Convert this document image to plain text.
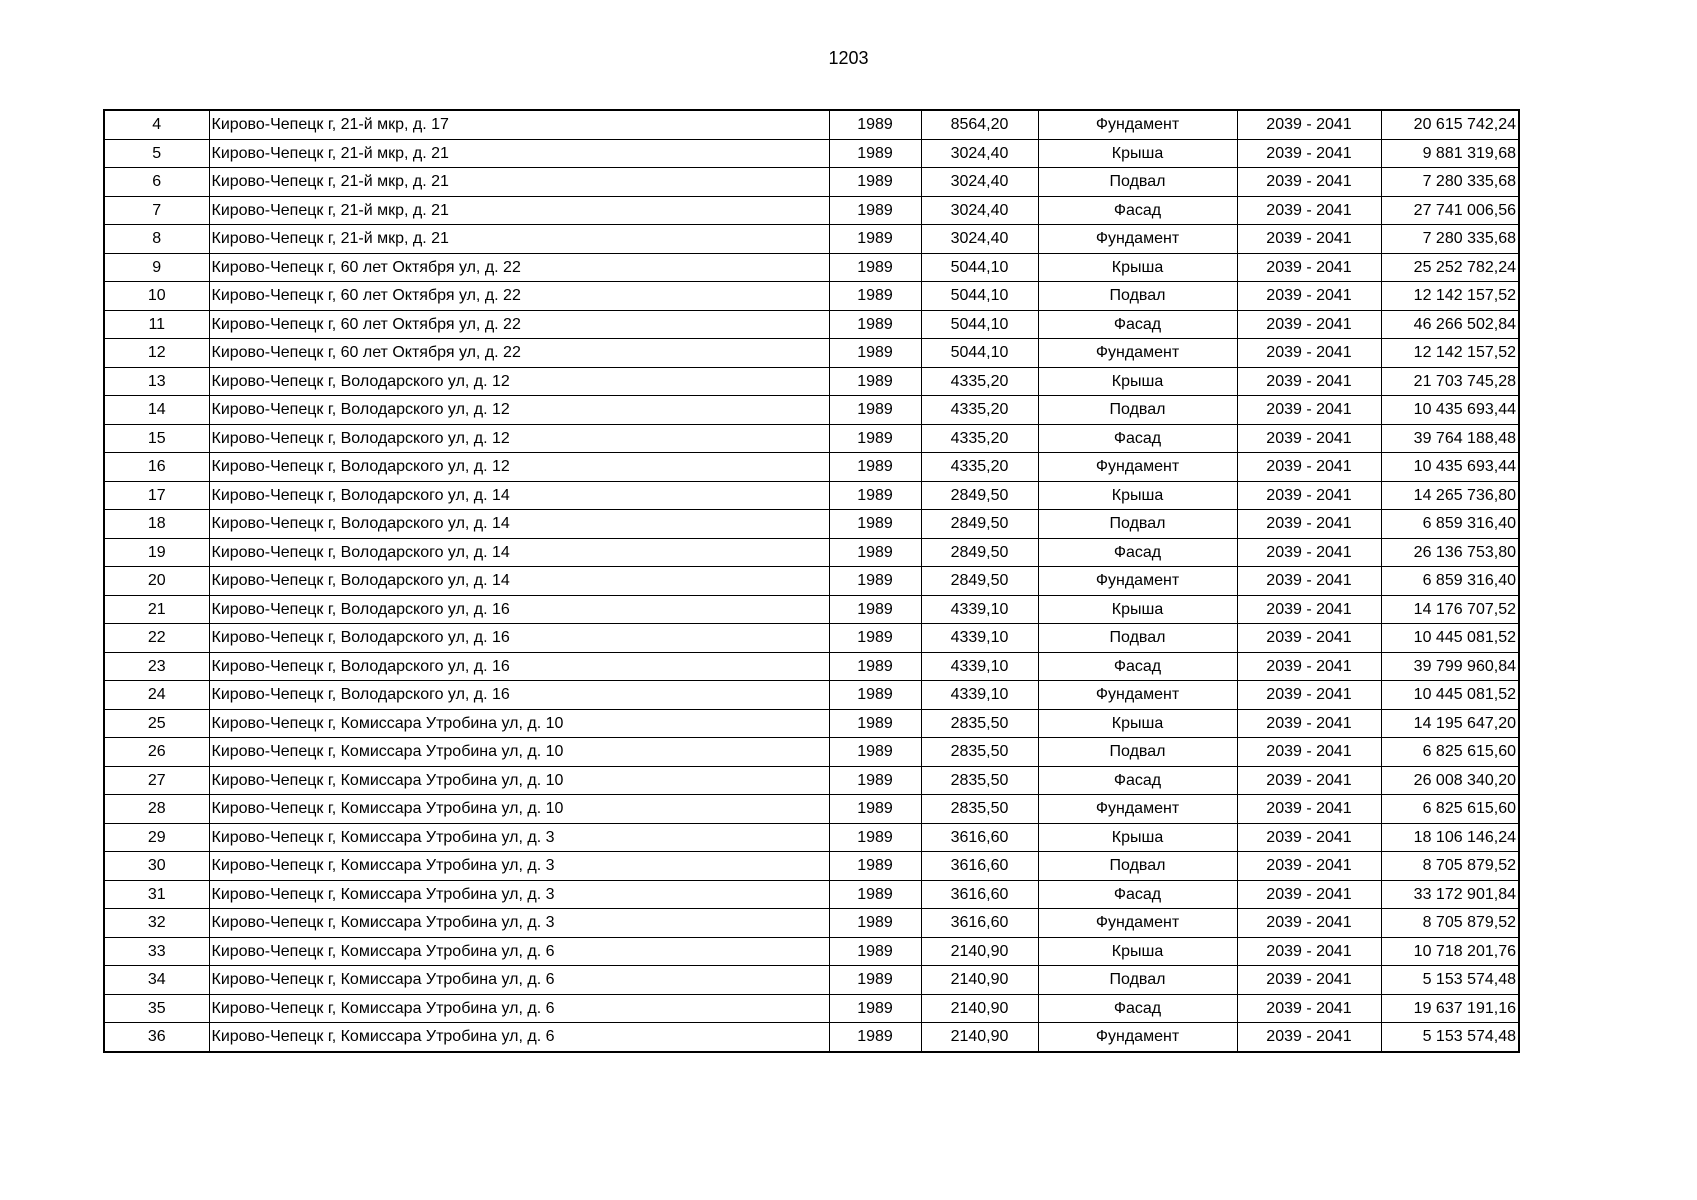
1203
4	Кирово-Чепецк г, 21-й мкр, д. 17	1989	8564,20	Фундамент	2039 - 2041	20 615 742,24
5	Кирово-Чепецк г, 21-й мкр, д. 21	1989	3024,40	Крыша	2039 - 2041	9 881 319,68
6	Кирово-Чепецк г, 21-й мкр, д. 21	1989	3024,40	Подвал	2039 - 2041	7 280 335,68
7	Кирово-Чепецк г, 21-й мкр, д. 21	1989	3024,40	Фасад	2039 - 2041	27 741 006,56
8	Кирово-Чепецк г, 21-й мкр, д. 21	1989	3024,40	Фундамент	2039 - 2041	7 280 335,68
9	Кирово-Чепецк г, 60 лет Октября ул, д. 22	1989	5044,10	Крыша	2039 - 2041	25 252 782,24
10	Кирово-Чепецк г, 60 лет Октября ул, д. 22	1989	5044,10	Подвал	2039 - 2041	12 142 157,52
11	Кирово-Чепецк г, 60 лет Октября ул, д. 22	1989	5044,10	Фасад	2039 - 2041	46 266 502,84
12	Кирово-Чепецк г, 60 лет Октября ул, д. 22	1989	5044,10	Фундамент	2039 - 2041	12 142 157,52
13	Кирово-Чепецк г, Володарского ул, д. 12	1989	4335,20	Крыша	2039 - 2041	21 703 745,28
14	Кирово-Чепецк г, Володарского ул, д. 12	1989	4335,20	Подвал	2039 - 2041	10 435 693,44
15	Кирово-Чепецк г, Володарского ул, д. 12	1989	4335,20	Фасад	2039 - 2041	39 764 188,48
16	Кирово-Чепецк г, Володарского ул, д. 12	1989	4335,20	Фундамент	2039 - 2041	10 435 693,44
17	Кирово-Чепецк г, Володарского ул, д. 14	1989	2849,50	Крыша	2039 - 2041	14 265 736,80
18	Кирово-Чепецк г, Володарского ул, д. 14	1989	2849,50	Подвал	2039 - 2041	6 859 316,40
19	Кирово-Чепецк г, Володарского ул, д. 14	1989	2849,50	Фасад	2039 - 2041	26 136 753,80
20	Кирово-Чепецк г, Володарского ул, д. 14	1989	2849,50	Фундамент	2039 - 2041	6 859 316,40
21	Кирово-Чепецк г, Володарского ул, д. 16	1989	4339,10	Крыша	2039 - 2041	14 176 707,52
22	Кирово-Чепецк г, Володарского ул, д. 16	1989	4339,10	Подвал	2039 - 2041	10 445 081,52
23	Кирово-Чепецк г, Володарского ул, д. 16	1989	4339,10	Фасад	2039 - 2041	39 799 960,84
24	Кирово-Чепецк г, Володарского ул, д. 16	1989	4339,10	Фундамент	2039 - 2041	10 445 081,52
25	Кирово-Чепецк г, Комиссара Утробина ул, д. 10	1989	2835,50	Крыша	2039 - 2041	14 195 647,20
26	Кирово-Чепецк г, Комиссара Утробина ул, д. 10	1989	2835,50	Подвал	2039 - 2041	6 825 615,60
27	Кирово-Чепецк г, Комиссара Утробина ул, д. 10	1989	2835,50	Фасад	2039 - 2041	26 008 340,20
28	Кирово-Чепецк г, Комиссара Утробина ул, д. 10	1989	2835,50	Фундамент	2039 - 2041	6 825 615,60
29	Кирово-Чепецк г, Комиссара Утробина ул, д. 3	1989	3616,60	Крыша	2039 - 2041	18 106 146,24
30	Кирово-Чепецк г, Комиссара Утробина ул, д. 3	1989	3616,60	Подвал	2039 - 2041	8 705 879,52
31	Кирово-Чепецк г, Комиссара Утробина ул, д. 3	1989	3616,60	Фасад	2039 - 2041	33 172 901,84
32	Кирово-Чепецк г, Комиссара Утробина ул, д. 3	1989	3616,60	Фундамент	2039 - 2041	8 705 879,52
33	Кирово-Чепецк г, Комиссара Утробина ул, д. 6	1989	2140,90	Крыша	2039 - 2041	10 718 201,76
34	Кирово-Чепецк г, Комиссара Утробина ул, д. 6	1989	2140,90	Подвал	2039 - 2041	5 153 574,48
35	Кирово-Чепецк г, Комиссара Утробина ул, д. 6	1989	2140,90	Фасад	2039 - 2041	19 637 191,16
36	Кирово-Чепецк г, Комиссара Утробина ул, д. 6	1989	2140,90	Фундамент	2039 - 2041	5 153 574,48
